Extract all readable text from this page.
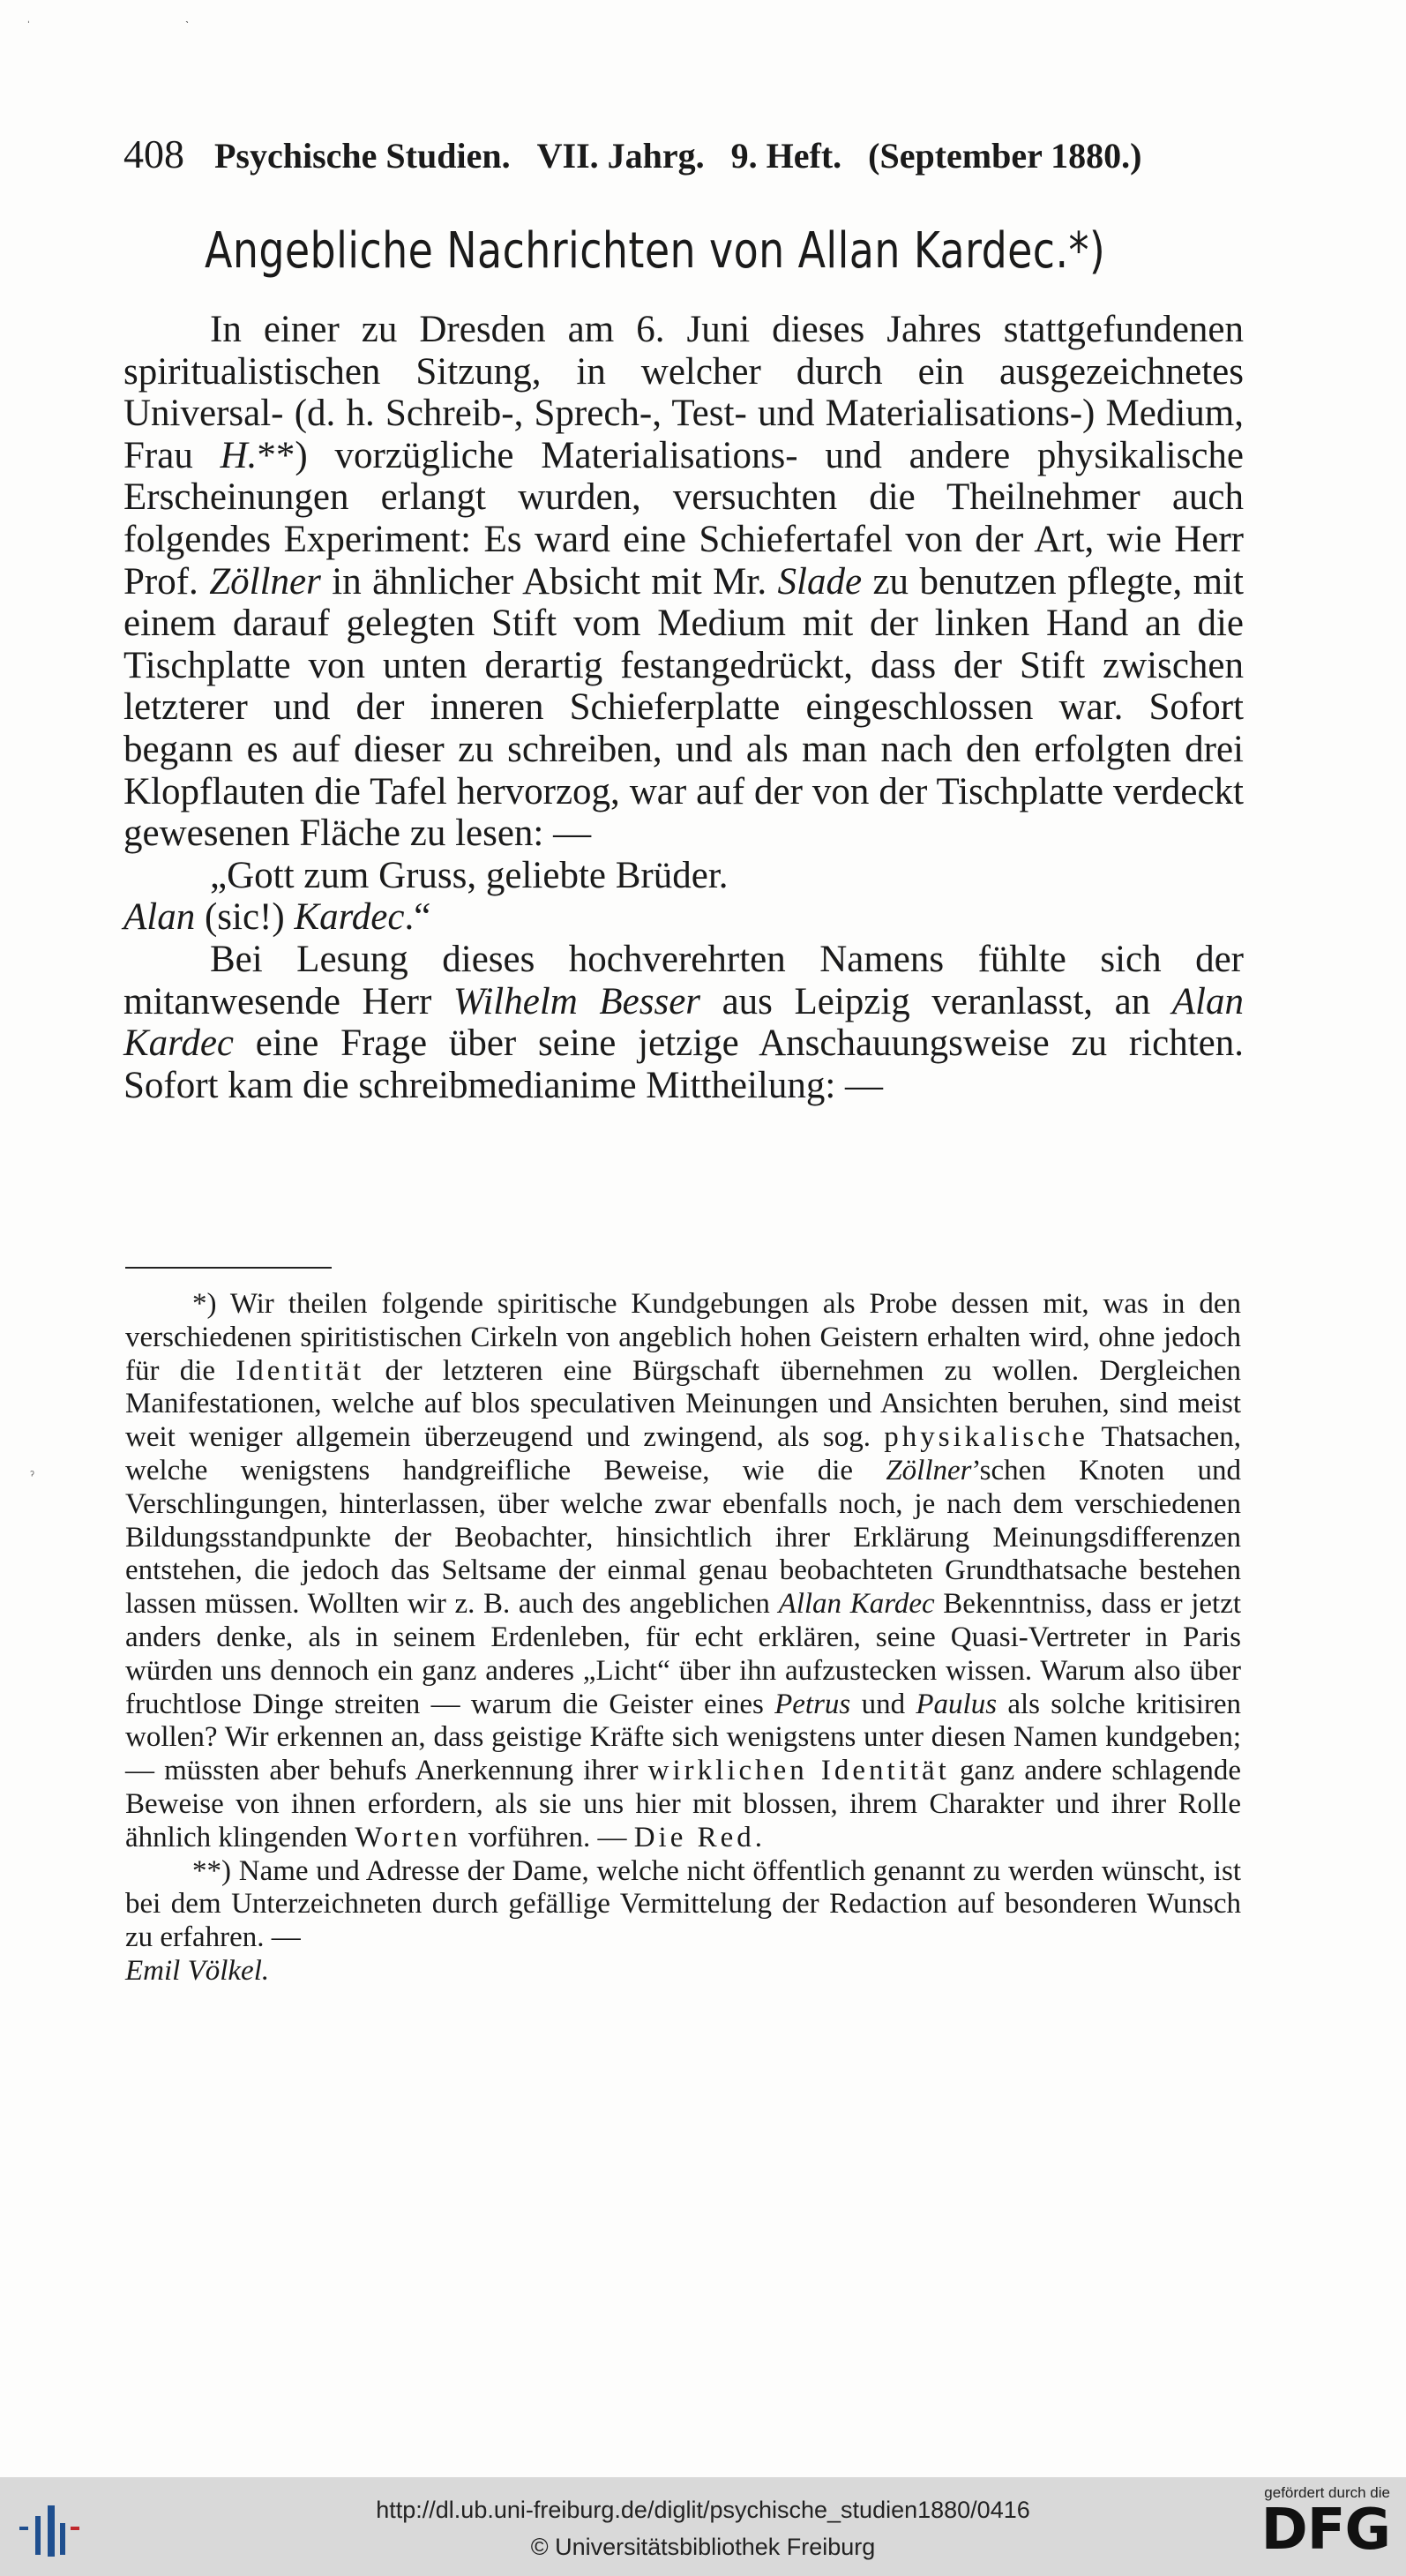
ˌ	ˎ
ˀ
408 Psychische Studien. VII. Jahrg. 9. Heft. (September 1880.)
Angebliche Nachrichten von Allan Kardec.*)

In einer zu Dresden am 6. Juni dieses Jahres stattgefundenen spiritualistischen Sitzung, in welcher durch ein ausgezeichnetes Universal- (d. h. Schreib-, Sprech-, Test- und Materialisations-) Medium, Frau H.**) vorzügliche Materialisations- und andere physikalische Erscheinungen erlangt wurden, versuchten die Theilnehmer auch folgendes Experiment: Es ward eine Schiefertafel von der Art, wie Herr Prof. Zöllner in ähnlicher Absicht mit Mr. Slade zu benutzen pflegte, mit einem darauf gelegten Stift vom Medium mit der linken Hand an die Tischplatte von unten derartig festangedrückt, dass der Stift zwischen letzterer und der inneren Schieferplatte eingeschlossen war. Sofort begann es auf dieser zu schreiben, und als man nach den erfolgten drei Klopflauten die Tafel hervorzog, war auf der von der Tischplatte verdeckt gewesenen Fläche zu lesen: —

„Gott zum Gruss, geliebte Brüder.

Alan (sic!) Kardec.“

Bei Lesung dieses hochverehrten Namens fühlte sich der mitanwesende Herr Wilhelm Besser aus Leipzig veranlasst, an Alan Kardec eine Frage über seine jetzige Anschauungsweise zu richten. Sofort kam die schreibmedianime Mittheilung: —

*) Wir theilen folgende spiritische Kundgebungen als Probe dessen mit, was in den verschiedenen spiritistischen Cirkeln von angeblich hohen Geistern erhalten wird, ohne jedoch für die Identität der letzteren eine Bürgschaft übernehmen zu wollen. Dergleichen Manifestationen, welche auf blos speculativen Meinungen und Ansichten beruhen, sind meist weit weniger allgemein überzeugend und zwingend, als sog. physikalische Thatsachen, welche wenigstens handgreifliche Beweise, wie die Zöllner’schen Knoten und Verschlingungen, hinterlassen, über welche zwar ebenfalls noch, je nach dem verschiedenen Bildungsstandpunkte der Beobachter, hinsichtlich ihrer Erklärung Meinungsdifferenzen entstehen, die jedoch das Seltsame der einmal genau beobachteten Grundthatsache bestehen lassen müssen. Wollten wir z. B. auch des angeblichen Allan Kardec Bekenntniss, dass er jetzt anders denke, als in seinem Erdenleben, für echt erklären, seine Quasi-Vertreter in Paris würden uns dennoch ein ganz anderes „Licht“ über ihn aufzustecken wissen. Warum also über fruchtlose Dinge streiten — warum die Geister eines Petrus und Paulus als solche kritisiren wollen? Wir erkennen an, dass geistige Kräfte sich wenigstens unter diesen Namen kundgeben; — müssten aber behufs Anerkennung ihrer wirklichen Identität ganz andere schlagende Beweise von ihnen erfordern, als sie uns hier mit blossen, ihrem Charakter und ihrer Rolle ähnlich klingenden Worten vorführen. — Die Red.

**) Name und Adresse der Dame, welche nicht öffentlich genannt zu werden wünscht, ist bei dem Unterzeichneten durch gefällige Vermittelung der Redaction auf besonderen Wunsch zu erfahren. —

Emil Völkel.

http://dl.ub.uni-freiburg.de/diglit/psychische_studien1880/0416
© Universitätsbibliothek Freiburg
gefördert durch die
DFG
